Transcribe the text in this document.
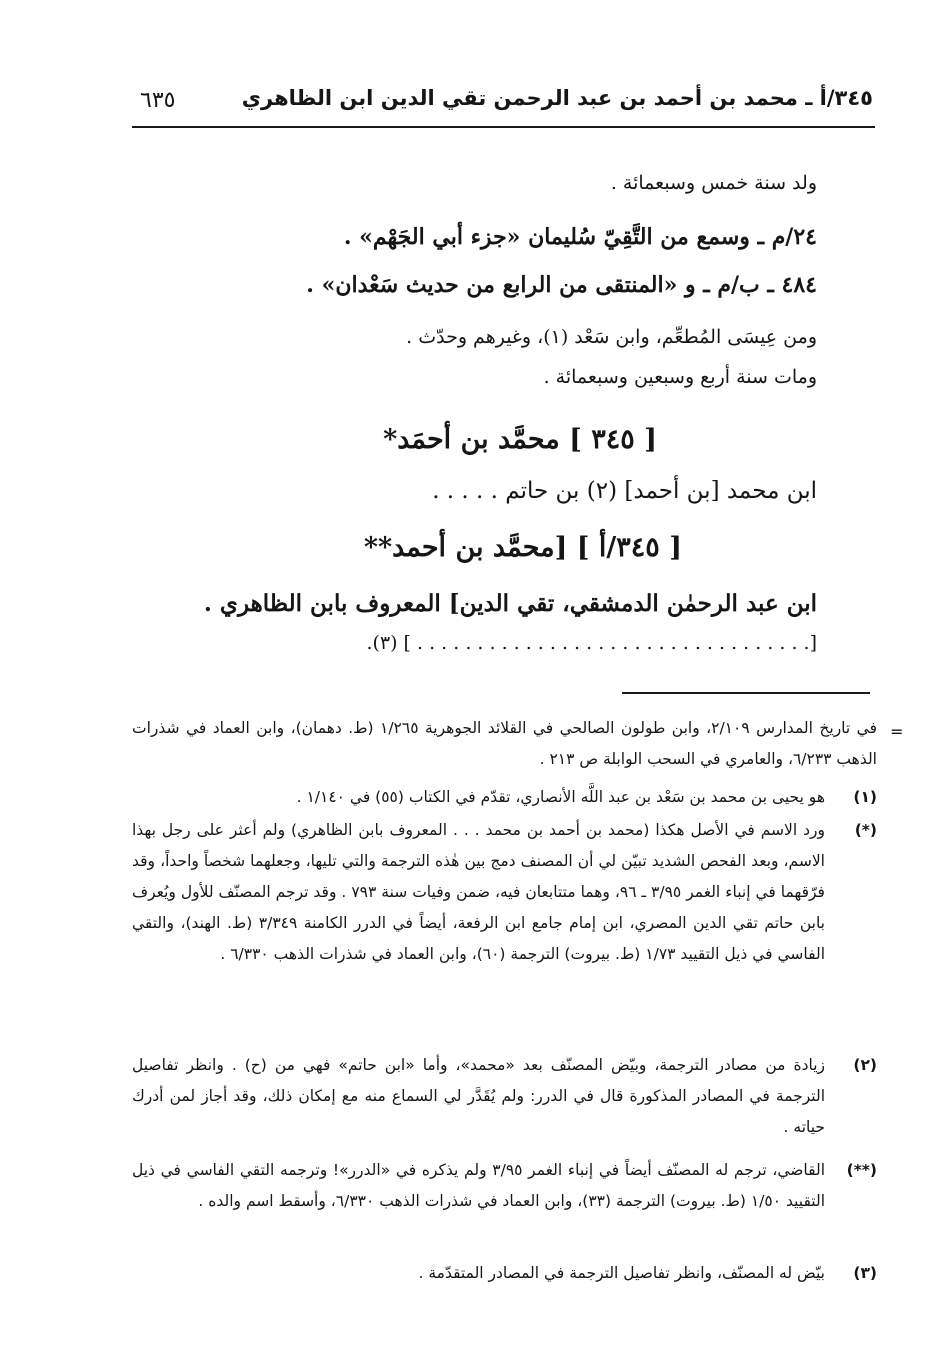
٣٤٥/أ ـ محمد بن أحمد بن عبد الرحمن تقي الدين ابن الظاهري
٦٣٥
ولد سنة خمس وسبعمائة .
٢٤/م ـ وسمع من التَّقِيّ سُليمان «جزء أبي الجَهْم» .
٤٨٤ ـ ب/م ـ و «المنتقى من الرابع من حديث سَعْدان» .
ومن عِيسَى المُطعِّم، وابن سَعْد (١)، وغيرهم وحدّث .
ومات سنة أربع وسبعين وسبعمائة .
[ ٣٤٥ ] محمَّد بن أحمَد*
ابن محمد [بن أحمد] (٢) بن حاتم . . . . .
[ ٣٤٥/أ ] [محمَّد بن أحمد**
ابن عبد الرحمٰن الدمشقي، تقي الدين] المعروف بابن الظاهري .
[. . . . . . . . . . . . . . . . . . . . . . . . . . . . . . . . . ] (٣).
=
في تاريخ المدارس ٢/١٠٩، وابن طولون الصالحي في القلائد الجوهرية ١/٢٦٥ (ط. دهمان)، وابن العماد في شذرات الذهب ٦/٢٣٣، والعامري في السحب الوابلة ص ٢١٣ .
(١)
هو يحيى بن محمد بن سَعْد بن عبد اللَّه الأنصاري، تقدّم في الكتاب (٥٥) في ١/١٤٠ .
(*)
ورد الاسم في الأصل هكذا (محمد بن أحمد بن محمد . . . المعروف بابن الظاهري) ولم أعثر على رجل بهذا الاسم، وبعد الفحص الشديد تبيّن لي أن المصنف دمج بين هٰذه الترجمة والتي تليها، وجعلهما شخصاً واحداً، وقد فرّقهما في إنباء الغمر ٣/٩٥ ـ ٩٦، وهما متتابعان فيه، ضمن وفيات سنة ٧٩٣ . وقد ترجم المصنّف للأول ويُعرف بابن حاتم تقي الدين المصري، ابن إمام جامع ابن الرفعة، أيضاً في الدرر الكامنة ٣/٣٤٩ (ط. الهند)، والتقي الفاسي في ذيل التقييد ١/٧٣ (ط. بيروت) الترجمة (٦٠)، وابن العماد في شذرات الذهب ٦/٣٣٠ .
(٢)
زيادة من مصادر الترجمة، وبيّض المصنّف بعد «محمد»، وأما «ابن حاتم» فهي من (ح) . وانظر تفاصيل الترجمة في المصادر المذكورة قال في الدرر: ولم يُقَدَّر لي السماع منه مع إمكان ذلك، وقد أجاز لمن أدرك حياته .
(**)
القاضي، ترجم له المصنّف أيضاً في إنباء الغمر ٣/٩٥ ولم يذكره في «الدرر»! وترجمه التقي الفاسي في ذيل التقييد ١/٥٠ (ط. بيروت) الترجمة (٣٣)، وابن العماد في شذرات الذهب ٦/٣٣٠، وأسقط اسم والده .
(٣)
بيّض له المصنّف، وانظر تفاصيل الترجمة في المصادر المتقدّمة .
